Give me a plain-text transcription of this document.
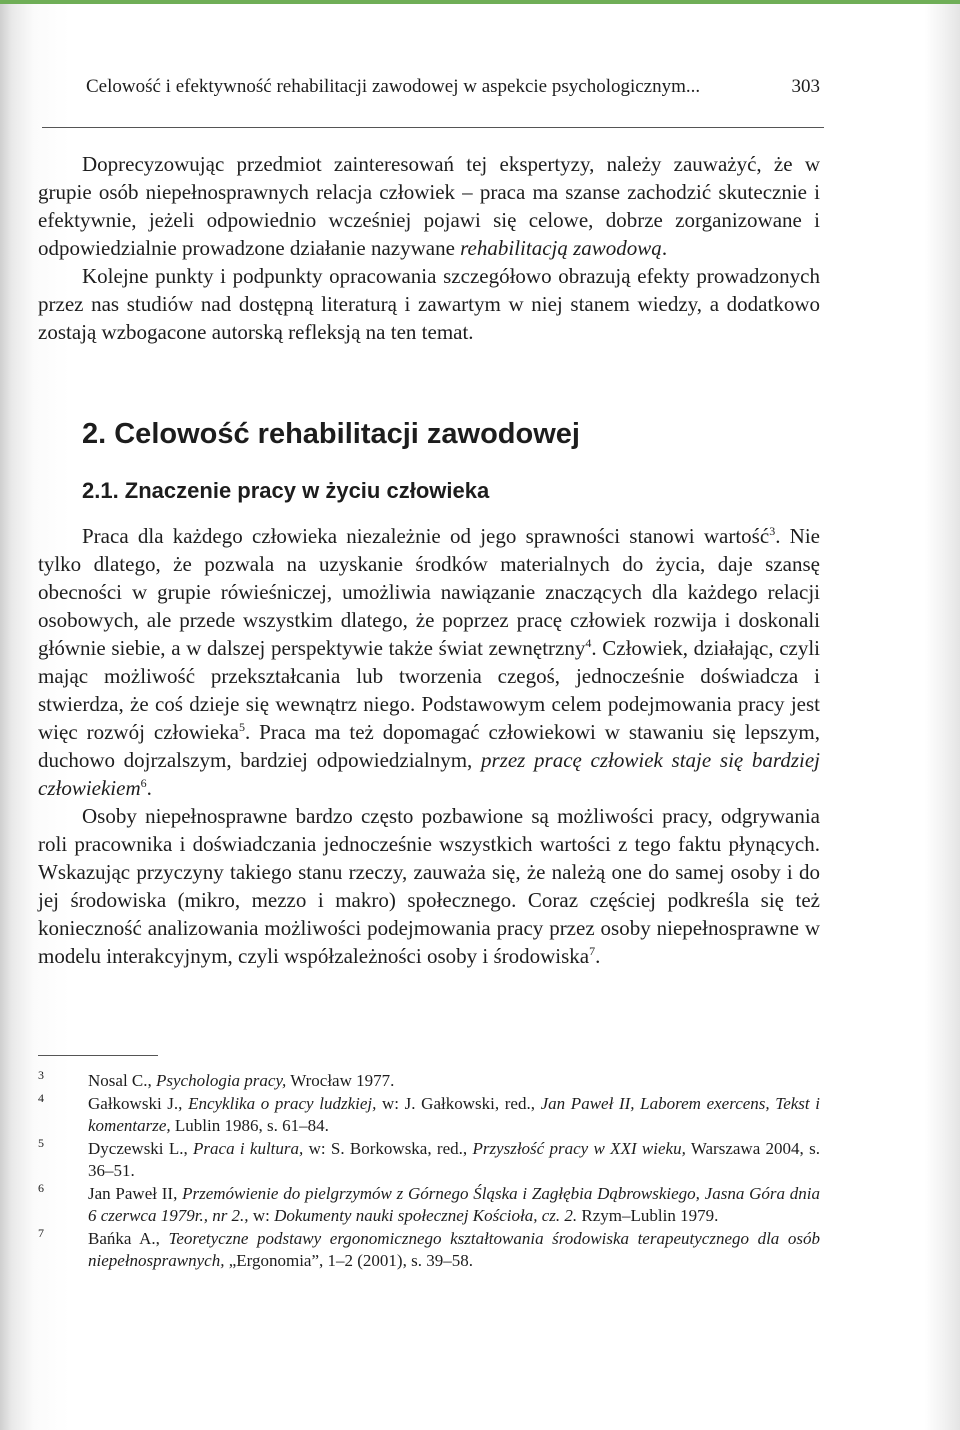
Celowość i efektywność rehabilitacji zawodowej w aspekcie psychologicznym...	303

Doprecyzowując przedmiot zainteresowań tej ekspertyzy, należy zauważyć, że w grupie osób niepełnosprawnych relacja człowiek – praca ma szanse zachodzić skutecznie i efektywnie, jeżeli odpowiednio wcześniej pojawi się celowe, dobrze zorganizowane i odpowiedzialnie prowadzone działanie nazywane rehabilitacją zawodową.

Kolejne punkty i podpunkty opracowania szczegółowo obrazują efekty prowadzonych przez nas studiów nad dostępną literaturą i zawartym w niej stanem wiedzy, a dodatkowo zostają wzbogacone autorską refleksją na ten temat.

2. Celowość rehabilitacji zawodowej
2.1. Znaczenie pracy w życiu człowieka

Praca dla każdego człowieka niezależnie od jego sprawności stanowi wartość$^3$. Nie tylko dlatego, że pozwala na uzyskanie środków materialnych do życia, daje szansę obecności w grupie rówieśniczej, umożliwia nawiązanie znaczących dla każdego relacji osobowych, ale przede wszystkim dlatego, że poprzez pracę człowiek rozwija i doskonali głównie siebie, a w dalszej perspektywie także świat zewnętrzny$^4$. Człowiek, działając, czyli mając możliwość przekształcania lub tworzenia czegoś, jednocześnie doświadcza i stwierdza, że coś dzieje się wewnątrz niego. Podstawowym celem podejmowania pracy jest więc rozwój człowieka$^5$. Praca ma też dopomagać człowiekowi w stawaniu się lepszym, duchowo dojrzalszym, bardziej odpowiedzialnym, przez pracę człowiek staje się bardziej człowiekiem$^6$.

Osoby niepełnosprawne bardzo często pozbawione są możliwości pracy, odgrywania roli pracownika i doświadczania jednocześnie wszystkich wartości z tego faktu płynących. Wskazując przyczyny takiego stanu rzeczy, zauważa się, że należą one do samej osoby i do jej środowiska (mikro, mezzo i makro) społecznego. Coraz częściej podkreśla się też konieczność analizowania możliwości podejmowania pracy przez osoby niepełnosprawne w modelu interakcyjnym, czyli współzależności osoby i środowiska$^7$.

3	Nosal C., Psychologia pracy, Wrocław 1977.
4	Gałkowski J., Encyklika o pracy ludzkiej, w: J. Gałkowski, red., Jan Paweł II, Laborem exercens, Tekst i komentarze, Lublin 1986, s. 61–84.
5	Dyczewski L., Praca i kultura, w: S. Borkowska, red., Przyszłość pracy w XXI wieku, Warszawa 2004, s. 36–51.
6	Jan Paweł II, Przemówienie do pielgrzymów z Górnego Śląska i Zagłębia Dąbrowskiego, Jasna Góra dnia 6 czerwca 1979r., nr 2., w: Dokumenty nauki społecznej Kościoła, cz. 2. Rzym–Lublin 1979.
7	Bańka A., Teoretyczne podstawy ergonomicznego kształtowania środowiska terapeutycznego dla osób niepełnosprawnych, „Ergonomia”, 1–2 (2001), s. 39–58.
